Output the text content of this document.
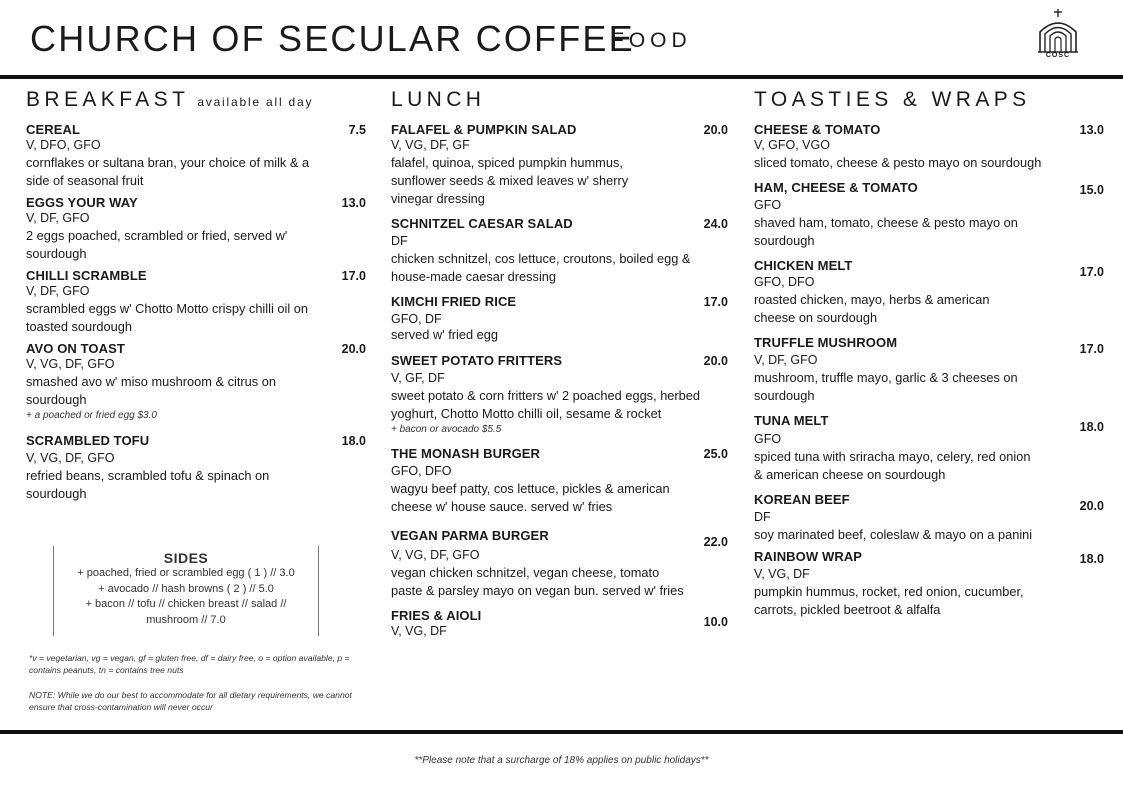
CHURCH OF SECULAR COFFEE
FOOD
COSC
BREAKFAST available all day
CEREAL	7.5
V, DFO, GFO
cornflakes or sultana bran, your choice of milk & a side of seasonal fruit
EGGS YOUR WAY	13.0
V, DF, GFO
2 eggs poached, scrambled or fried, served w' sourdough
CHILLI SCRAMBLE	17.0
V, DF, GFO
scrambled eggs w' Chotto Motto crispy chilli oil on toasted sourdough
AVO ON TOAST	20.0
V, VG, DF, GFO
smashed avo w' miso mushroom & citrus on sourdough
+ a poached or fried egg $3.0
SCRAMBLED TOFU	18.0
V, VG, DF, GFO
refried beans, scrambled tofu & spinach on sourdough
SIDES
+ poached, fried or scrambled egg ( 1 ) // 3.0
+ avocado // hash browns ( 2 ) // 5.0
+ bacon // tofu // chicken breast // salad //
mushroom // 7.0
*v = vegetarian, vg = vegan, gf = gluten free, df = dairy free, o = option available, p = contains peanuts, tn = contains tree nuts
NOTE: While we do our best to accommodate for all dietary requirements, we cannot ensure that cross-contamination will never occur
LUNCH
FALAFEL & PUMPKIN SALAD	20.0
V, VG, DF, GF
falafel, quinoa, spiced pumpkin hummus, sunflower seeds & mixed leaves w' sherry vinegar dressing
SCHNITZEL CAESAR SALAD	24.0
DF
chicken schnitzel, cos lettuce, croutons, boiled egg & house-made caesar dressing
KIMCHI FRIED RICE	17.0
GFO, DF
served w' fried egg
SWEET POTATO FRITTERS	20.0
V, GF, DF
sweet potato & corn fritters w' 2 poached eggs, herbed yoghurt, Chotto Motto chilli oil, sesame & rocket
+ bacon or avocado $5.5
THE MONASH BURGER	25.0
GFO, DFO
wagyu beef patty, cos lettuce, pickles & american cheese w' house sauce. served w' fries
VEGAN PARMA BURGER	22.0
V, VG, DF, GFO
vegan chicken schnitzel, vegan cheese, tomato paste & parsley mayo on vegan bun. served w' fries
FRIES & AIOLI	10.0
V, VG, DF
TOASTIES & WRAPS
CHEESE & TOMATO	13.0
V, GFO, VGO
sliced tomato, cheese & pesto mayo on sourdough
HAM, CHEESE & TOMATO	15.0
GFO
shaved ham, tomato, cheese & pesto mayo on sourdough
CHICKEN MELT	17.0
GFO, DFO
roasted chicken, mayo, herbs & american cheese on sourdough
TRUFFLE MUSHROOM	17.0
V, DF, GFO
mushroom, truffle mayo, garlic & 3 cheeses on sourdough
TUNA MELT	18.0
GFO
spiced tuna with sriracha mayo, celery, red onion & american cheese on sourdough
KOREAN BEEF	20.0
DF
soy marinated beef, coleslaw & mayo on a panini
RAINBOW WRAP	18.0
V, VG, DF
pumpkin hummus, rocket, red onion, cucumber, carrots, pickled beetroot & alfalfa
**Please note that a surcharge of 18% applies on public holidays**
